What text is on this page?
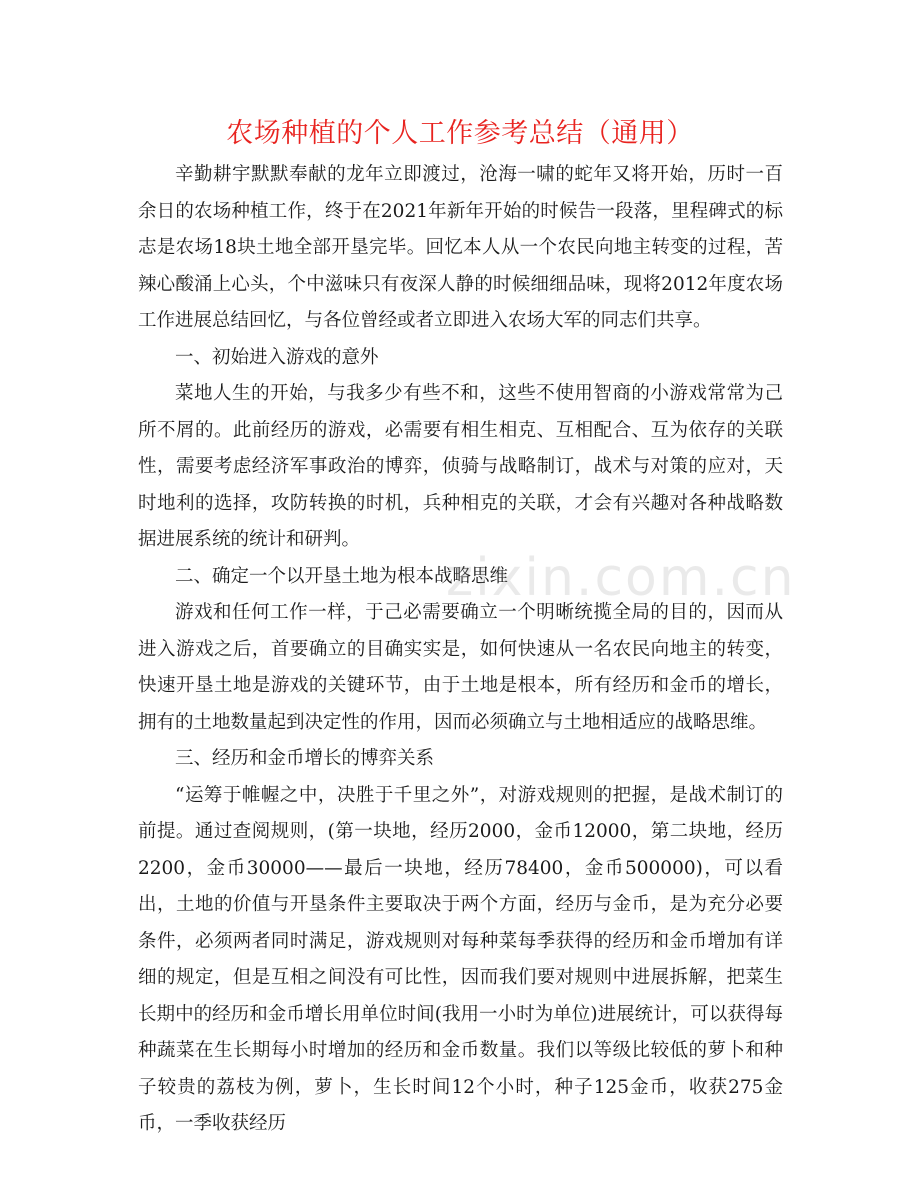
农场种植的个人工作参考总结（通用）

辛勤耕宇默默奉献的龙年立即渡过，沧海一啸的蛇年又将开始，历时一百余日的农场种植工作，终于在2021年新年开始的时候告一段落，里程碑式的标志是农场18块土地全部开垦完毕。回忆本人从一个农民向地主转变的过程，苦辣心酸涌上心头，个中滋味只有夜深人静的时候细细品味，现将2012年度农场工作进展总结回忆，与各位曾经或者立即进入农场大军的同志们共享。

一、初始进入游戏的意外

菜地人生的开始，与我多少有些不和，这些不使用智商的小游戏常常为己所不屑的。此前经历的游戏，必需要有相生相克、互相配合、互为依存的关联性，需要考虑经济军事政治的博弈，侦骑与战略制订，战术与对策的应对，天时地利的选择，攻防转换的时机，兵种相克的关联，才会有兴趣对各种战略数据进展系统的统计和研判。

二、确定一个以开垦土地为根本战略思维

游戏和任何工作一样，于己必需要确立一个明晰统揽全局的目的，因而从进入游戏之后，首要确立的目确实实是，如何快速从一名农民向地主的转变，快速开垦土地是游戏的关键环节，由于土地是根本，所有经历和金币的增长，拥有的土地数量起到决定性的作用，因而必须确立与土地相适应的战略思维。

三、经历和金币增长的博弈关系

“运筹于帷幄之中，决胜于千里之外”，对游戏规则的把握，是战术制订的前提。通过查阅规则，(第一块地，经历2000，金币12000，第二块地，经历2200，金币30000——最后一块地，经历78400，金币500000)，可以看出，土地的价值与开垦条件主要取决于两个方面，经历与金币，是为充分必要条件，必须两者同时满足，游戏规则对每种菜每季获得的经历和金币增加有详细的规定，但是互相之间没有可比性，因而我们要对规则中进展拆解，把菜生长期中的经历和金币增长用单位时间(我用一小时为单位)进展统计，可以获得每种蔬菜在生长期每小时增加的经历和金币数量。我们以等级比较低的萝卜和种子较贵的荔枝为例，萝卜，生长时间12个小时，种子125金币，收获275金币，一季收获经历

zixin.com.cn
